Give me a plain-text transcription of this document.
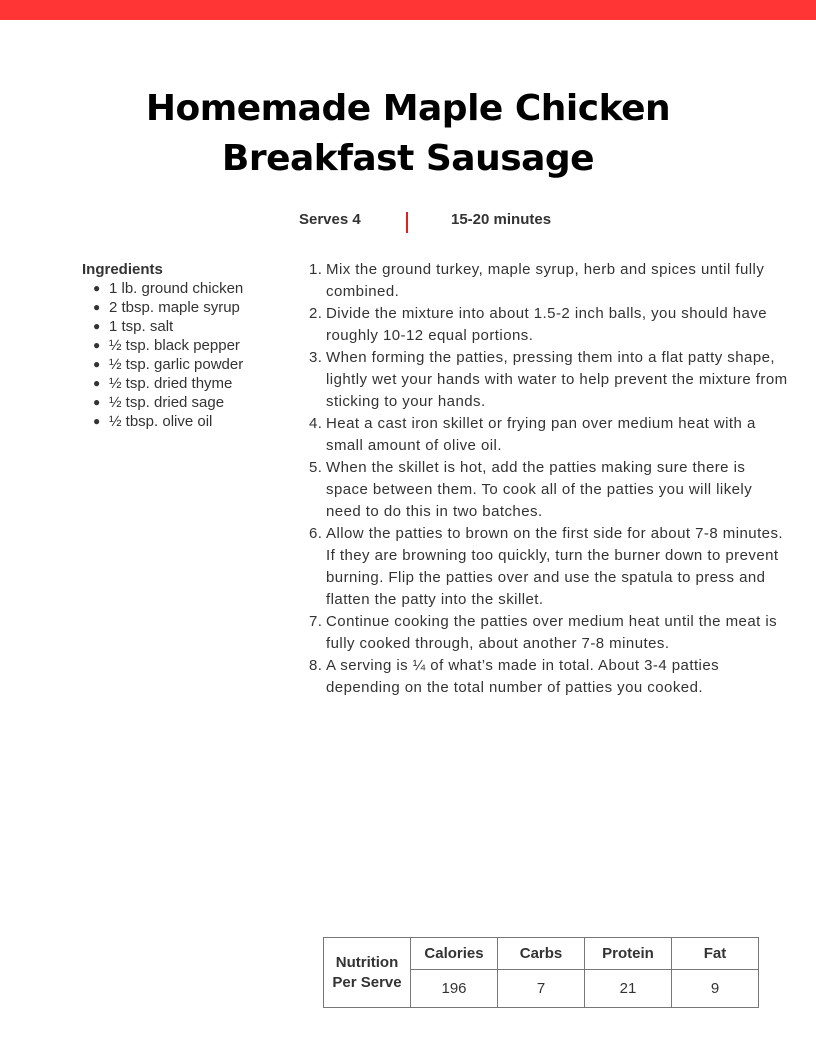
Homemade Maple Chicken
Breakfast Sausage
Serves 4	15-20 minutes
Ingredients
● 1 lb. ground chicken
● 2 tbsp. maple syrup
● 1 tsp. salt
● ½ tsp. black pepper
● ½ tsp. garlic powder
● ½ tsp. dried thyme
● ½ tsp. dried sage
● ½ tbsp. olive oil
1. Mix the ground turkey, maple syrup, herb and spices until fully combined.
2. Divide the mixture into about 1.5-2 inch balls, you should have roughly 10-12 equal portions.
3. When forming the patties, pressing them into a flat patty shape, lightly wet your hands with water to help prevent the mixture from sticking to your hands.
4. Heat a cast iron skillet or frying pan over medium heat with a small amount of olive oil.
5. When the skillet is hot, add the patties making sure there is space between them. To cook all of the patties you will likely need to do this in two batches.
6. Allow the patties to brown on the first side for about 7-8 minutes. If they are browning too quickly, turn the burner down to prevent burning. Flip the patties over and use the spatula to press and flatten the patty into the skillet.
7. Continue cooking the patties over medium heat until the meat is fully cooked through, about another 7-8 minutes.
8. A serving is ¼ of what’s made in total. About 3-4 patties depending on the total number of patties you cooked.
Nutrition
Per Serve	Calories	Carbs	Protein	Fat
	196	7	21	9
